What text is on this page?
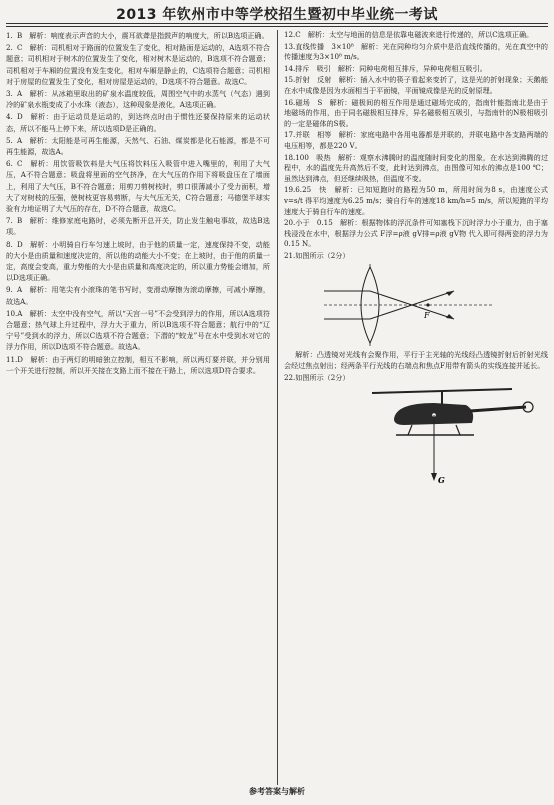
2013 年钦州市中等学校招生暨初中毕业统一考试
1. B　解析：响度表示声音的大小，震耳欲聋是指鼓声的响度大，所以B选项正确。
2. C　解析：司机相对于路面的位置发生了变化，相对路面是运动的，A选项不符合题意；司机相对于树木的位置发生了变化，相对树木是运动的，B选项不符合题意；司机相对于车厢的位置没有发生变化，相对车厢是静止的，C选项符合题意；司机相对于房屋的位置发生了变化，相对房屋是运动的，D选项不符合题意。故选C。
3. A　解析：从冰箱里取出的矿泉水温度较低，周围空气中的水蒸气（气态）遇到冷的矿泉水瓶变成了小水珠（液态），这种现象是液化，A选项正确。
4. D　解析：由于运动员是运动的，到达终点时由于惯性还要保持原来的运动状态，所以不能马上停下来，所以选项D是正确的。
5. A　解析：太阳能是可再生能源，天然气、石油、煤炭都是化石能源，都是不可再生能源，故选A。
6. C　解析：用饮管吸饮料是大气压将饮料压入吸管中进入嘴里的，利用了大气压，A不符合题意；吸盘将里面的空气挤净，在大气压的作用下将吸盘压在了墙面上，利用了大气压，B不符合题意；用剪刀剪树枝时，剪口很薄减小了受力面积，增大了对树枝的压强，使树枝更容易剪断，与大气压无关，C符合题意；马德堡半球实验有力地证明了大气压的存在，D不符合题意，故选C。
7. B　解析：维修家庭电路时，必须先断开总开关，防止发生触电事故，故选B选项。
8. D　解析：小明骑自行车匀速上坡时，由于他的质量一定，速度保持不变，动能的大小是由质量和速度决定的，所以他的动能大小不变；在上坡时，由于他的质量一定，高度会变高，重力势能的大小是由质量和高度决定的，所以重力势能会增加，所以D选项正确。
9. A　解析：用笔尖有小滚珠的笔书写时，变滑动摩擦为滚动摩擦，可减小摩擦，故选A。
10.A　解析：太空中没有空气，所以“天宫一号”不会受到浮力的作用，所以A选项符合题意；热气球上升过程中，浮力大于重力，所以B选项不符合题意；航行中的“辽宁号”受到水的浮力，所以C选项不符合题意；下潜的“蛟龙”号在水中受到水对它的浮力作用，所以D选项不符合题意。故选A。
11.D　解析：由于两灯的明暗独立控制，相互不影响，所以两灯要并联，并分别用一个开关进行控制，所以开关接在支路上而不接在干路上，所以选项D符合要求。
12.C　解析：太空与地面的信息是依靠电磁波来进行传递的，所以C选项正确。
13.直线传播　3×10⁸　解析：光在同种均匀介质中是沿直线传播的，光在真空中的传播速度为3×10⁸ m/s。
14.排斥　吸引　解析：同种电荷相互排斥，异种电荷相互吸引。
15.折射　反射　解析：插入水中的筷子看起来变折了，这是光的折射现象；天鹅能在水中成像是因为水面相当于平面镜，平面镜成像是光的反射原理。
16.磁场　S　解析：磁极间的相互作用是通过磁场完成的，指南针能指南北是由于地磁场的作用，由于同名磁极相互排斥，异名磁极相互吸引，与指南针的N极相吸引的一定是磁体的S极。
17.并联　相等　解析：家庭电路中各用电器都是并联的，并联电路中各支路两端的电压相等，都是220 V。
18.100　吸热　解析：观察水沸腾时的温度随时间变化的图象，在水达到沸腾的过程中，水的温度先升高然后不变，此时达到沸点，由图像可知水的沸点是100 ℃；虽然达到沸点，但还继续吸热，但温度不变。
19.6.25　快　解析：已知短跑时的路程为50 m，所用时间为8 s，由速度公式 v=s/t 得平均速度为6.25 m/s；骑自行车的速度18 km/h=5 m/s，所以短跑的平均速度大于骑自行车的速度。
20.小于　0.15　解析：根据物体的浮沉条件可知塞栈下沉时浮力小于重力，由于塞栈浸没在水中，根据浮力公式 F浮=ρ液 gV排=ρ液 gV物 代入即可得两瓷的浮力为0.15 N。
21.如图所示（2分）
F
解析：凸透镜对光线有会聚作用，平行于主光轴的光线经凸透镜折射后折射光线会经过焦点射出；经两条平行光线的右端点和焦点F用带有箭头的实线连接并延长。
22.如图所示（2分）
G
参考答案与解析
